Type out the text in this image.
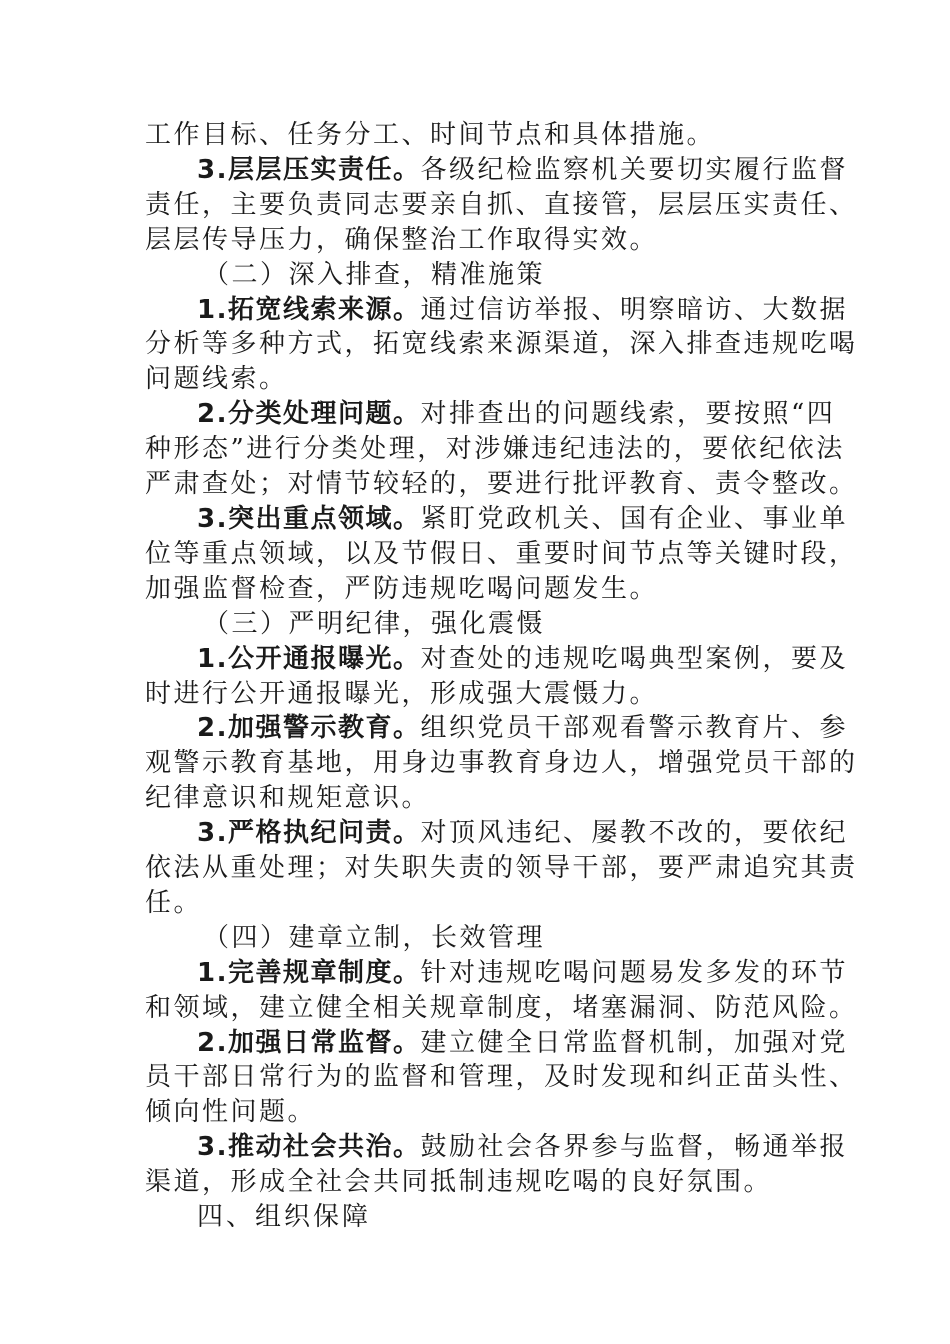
工作目标、任务分工、时间节点和具体措施。

3.层层压实责任。各级纪检监察机关要切实履行监督

责任，主要负责同志要亲自抓、直接管，层层压实责任、

层层传导压力，确保整治工作取得实效。

（二）深入排查，精准施策

1.拓宽线索来源。通过信访举报、明察暗访、大数据

分析等多种方式，拓宽线索来源渠道，深入排查违规吃喝

问题线索。

2.分类处理问题。对排查出的问题线索，要按照“四

种形态”进行分类处理，对涉嫌违纪违法的，要依纪依法

严肃查处；对情节较轻的，要进行批评教育、责令整改。

3.突出重点领域。紧盯党政机关、国有企业、事业单

位等重点领域，以及节假日、重要时间节点等关键时段，

加强监督检查，严防违规吃喝问题发生。

（三）严明纪律，强化震慑

1.公开通报曝光。对查处的违规吃喝典型案例，要及

时进行公开通报曝光，形成强大震慑力。

2.加强警示教育。组织党员干部观看警示教育片、参

观警示教育基地，用身边事教育身边人，增强党员干部的

纪律意识和规矩意识。

3.严格执纪问责。对顶风违纪、屡教不改的，要依纪

依法从重处理；对失职失责的领导干部，要严肃追究其责

任。

（四）建章立制，长效管理

1.完善规章制度。针对违规吃喝问题易发多发的环节

和领域，建立健全相关规章制度，堵塞漏洞、防范风险。

2.加强日常监督。建立健全日常监督机制，加强对党

员干部日常行为的监督和管理，及时发现和纠正苗头性、

倾向性问题。

3.推动社会共治。鼓励社会各界参与监督，畅通举报

渠道，形成全社会共同抵制违规吃喝的良好氛围。

四、组织保障
